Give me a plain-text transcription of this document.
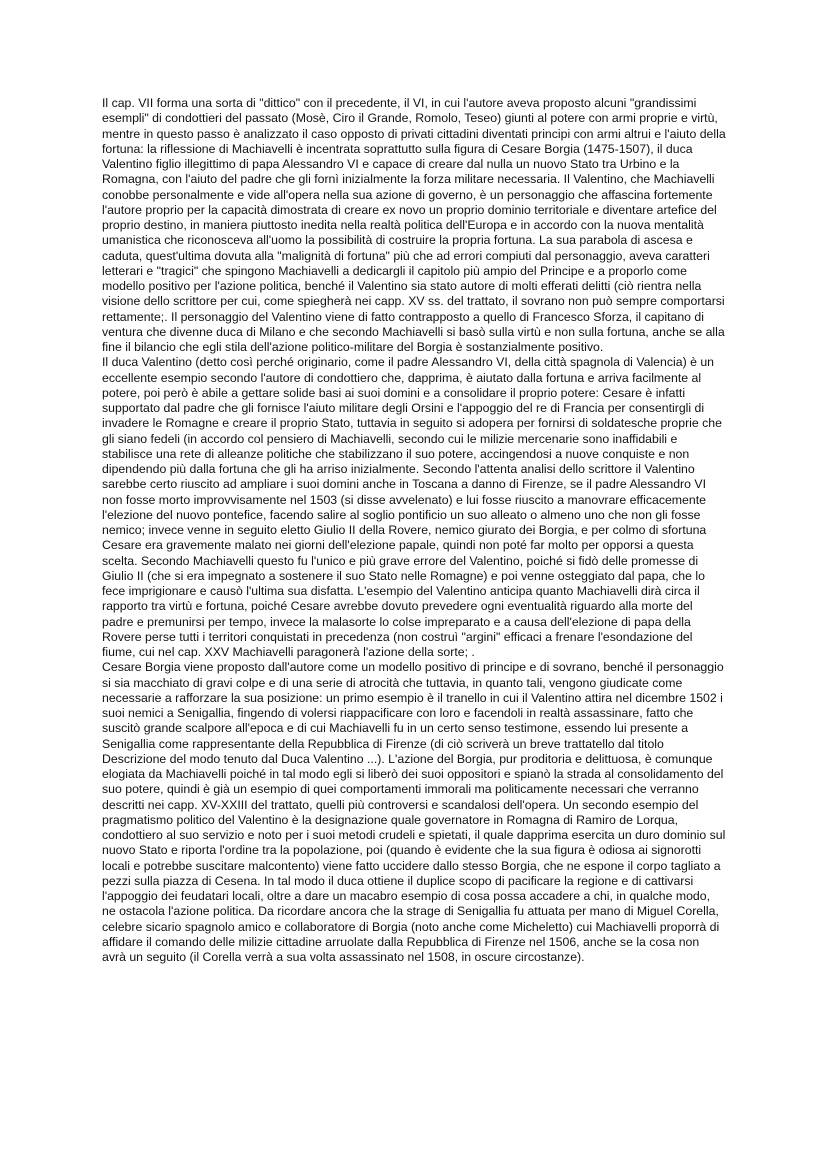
Il cap. VII forma una sorta di "dittico" con il precedente, il VI, in cui l'autore aveva proposto alcuni "grandissimi esempli" di condottieri del passato (Mosè, Ciro il Grande, Romolo, Teseo) giunti al potere con armi proprie e virtù, mentre in questo passo è analizzato il caso opposto di privati cittadini diventati principi con armi altrui e l'aiuto della fortuna: la riflessione di Machiavelli è incentrata soprattutto sulla figura di Cesare Borgia (1475-1507), il duca Valentino figlio illegittimo di papa Alessandro VI e capace di creare dal nulla un nuovo Stato tra Urbino e la Romagna, con l'aiuto del padre che gli fornì inizialmente la forza militare necessaria. Il Valentino, che Machiavelli conobbe personalmente e vide all'opera nella sua azione di governo, è un personaggio che affascina fortemente l'autore proprio per la capacità dimostrata di creare ex novo un proprio dominio territoriale e diventare artefice del proprio destino, in maniera piuttosto inedita nella realtà politica dell'Europa e in accordo con la nuova mentalità umanistica che riconosceva all'uomo la possibilità di costruire la propria fortuna. La sua parabola di ascesa e caduta, quest'ultima dovuta alla "malignità di fortuna" più che ad errori compiuti dal personaggio, aveva caratteri letterari e "tragici" che spingono Machiavelli a dedicargli il capitolo più ampio del Principe e a proporlo come modello positivo per l'azione politica, benché il Valentino sia stato autore di molti efferati delitti (ciò rientra nella visione dello scrittore per cui, come spiegherà nei capp. XV ss. del trattato, il sovrano non può sempre comportarsi rettamente;. Il personaggio del Valentino viene di fatto contrapposto a quello di Francesco Sforza, il capitano di ventura che divenne duca di Milano e che secondo Machiavelli si basò sulla virtù e non sulla fortuna, anche se alla fine il bilancio che egli stila dell'azione politico-militare del Borgia è sostanzialmente positivo.

Il duca Valentino (detto così perché originario, come il padre Alessandro VI, della città spagnola di Valencia) è un eccellente esempio secondo l'autore di condottiero che, dapprima, è aiutato dalla fortuna e arriva facilmente al potere, poi però è abile a gettare solide basi ai suoi domini e a consolidare il proprio potere: Cesare è infatti supportato dal padre che gli fornisce l'aiuto militare degli Orsini e l'appoggio del re di Francia per consentirgli di invadere le Romagne e creare il proprio Stato, tuttavia in seguito si adopera per fornirsi di soldatesche proprie che gli siano fedeli (in accordo col pensiero di Machiavelli, secondo cui le milizie mercenarie sono inaffidabili e stabilisce una rete di alleanze politiche che stabilizzano il suo potere, accingendosi a nuove conquiste e non dipendendo più dalla fortuna che gli ha arriso inizialmente. Secondo l'attenta analisi dello scrittore il Valentino sarebbe certo riuscito ad ampliare i suoi domini anche in Toscana a danno di Firenze, se il padre Alessandro VI non fosse morto improvvisamente nel 1503 (si disse avvelenato) e lui fosse riuscito a manovrare efficacemente l'elezione del nuovo pontefice, facendo salire al soglio pontificio un suo alleato o almeno uno che non gli fosse nemico; invece venne in seguito eletto Giulio II della Rovere, nemico giurato dei Borgia, e per colmo di sfortuna Cesare era gravemente malato nei giorni dell'elezione papale, quindi non poté far molto per opporsi a questa scelta. Secondo Machiavelli questo fu l'unico e più grave errore del Valentino, poiché si fidò delle promesse di Giulio II (che si era impegnato a sostenere il suo Stato nelle Romagne) e poi venne osteggiato dal papa, che lo fece imprigionare e causò l'ultima sua disfatta. L'esempio del Valentino anticipa quanto Machiavelli dirà circa il rapporto tra virtù e fortuna, poiché Cesare avrebbe dovuto prevedere ogni eventualità riguardo alla morte del padre e premunirsi per tempo, invece la malasorte lo colse impreparato e a causa dell'elezione di papa della Rovere perse tutti i territori conquistati in precedenza (non costruì "argini" efficaci a frenare l'esondazione del fiume, cui nel cap. XXV Machiavelli paragonerà l'azione della sorte; .

Cesare Borgia viene proposto dall'autore come un modello positivo di principe e di sovrano, benché il personaggio si sia macchiato di gravi colpe e di una serie di atrocità che tuttavia, in quanto tali, vengono giudicate come necessarie a rafforzare la sua posizione: un primo esempio è il tranello in cui il Valentino attira nel dicembre 1502 i suoi nemici a Senigallia, fingendo di volersi riappacificare con loro e facendoli in realtà assassinare, fatto che suscitò grande scalpore all'epoca e di cui Machiavelli fu in un certo senso testimone, essendo lui presente a Senigallia come rappresentante della Repubblica di Firenze (di ciò scriverà un breve trattatello dal titolo Descrizione del modo tenuto dal Duca Valentino ...). L'azione del Borgia, pur proditoria e delittuosa, è comunque elogiata da Machiavelli poiché in tal modo egli si liberò dei suoi oppositori e spianò la strada al consolidamento del suo potere, quindi è già un esempio di quei comportamenti immorali ma politicamente necessari che verranno descritti nei capp. XV-XXIII del trattato, quelli più controversi e scandalosi dell'opera. Un secondo esempio del pragmatismo politico del Valentino è la designazione quale governatore in Romagna di Ramiro de Lorqua, condottiero al suo servizio e noto per i suoi metodi crudeli e spietati, il quale dapprima esercita un duro dominio sul nuovo Stato e riporta l'ordine tra la popolazione, poi (quando è evidente che la sua figura è odiosa ai signorotti locali e potrebbe suscitare malcontento) viene fatto uccidere dallo stesso Borgia, che ne espone il corpo tagliato a pezzi sulla piazza di Cesena. In tal modo il duca ottiene il duplice scopo di pacificare la regione e di cattivarsi l'appoggio dei feudatari locali, oltre a dare un macabro esempio di cosa possa accadere a chi, in qualche modo, ne ostacola l'azione politica. Da ricordare ancora che la strage di Senigallia fu attuata per mano di Miguel Corella, celebre sicario spagnolo amico e collaboratore di Borgia (noto anche come Micheletto) cui Machiavelli proporrà di affidare il comando delle milizie cittadine arruolate dalla Repubblica di Firenze nel 1506, anche se la cosa non avrà un seguito (il Corella verrà a sua volta assassinato nel 1508, in oscure circostanze).
